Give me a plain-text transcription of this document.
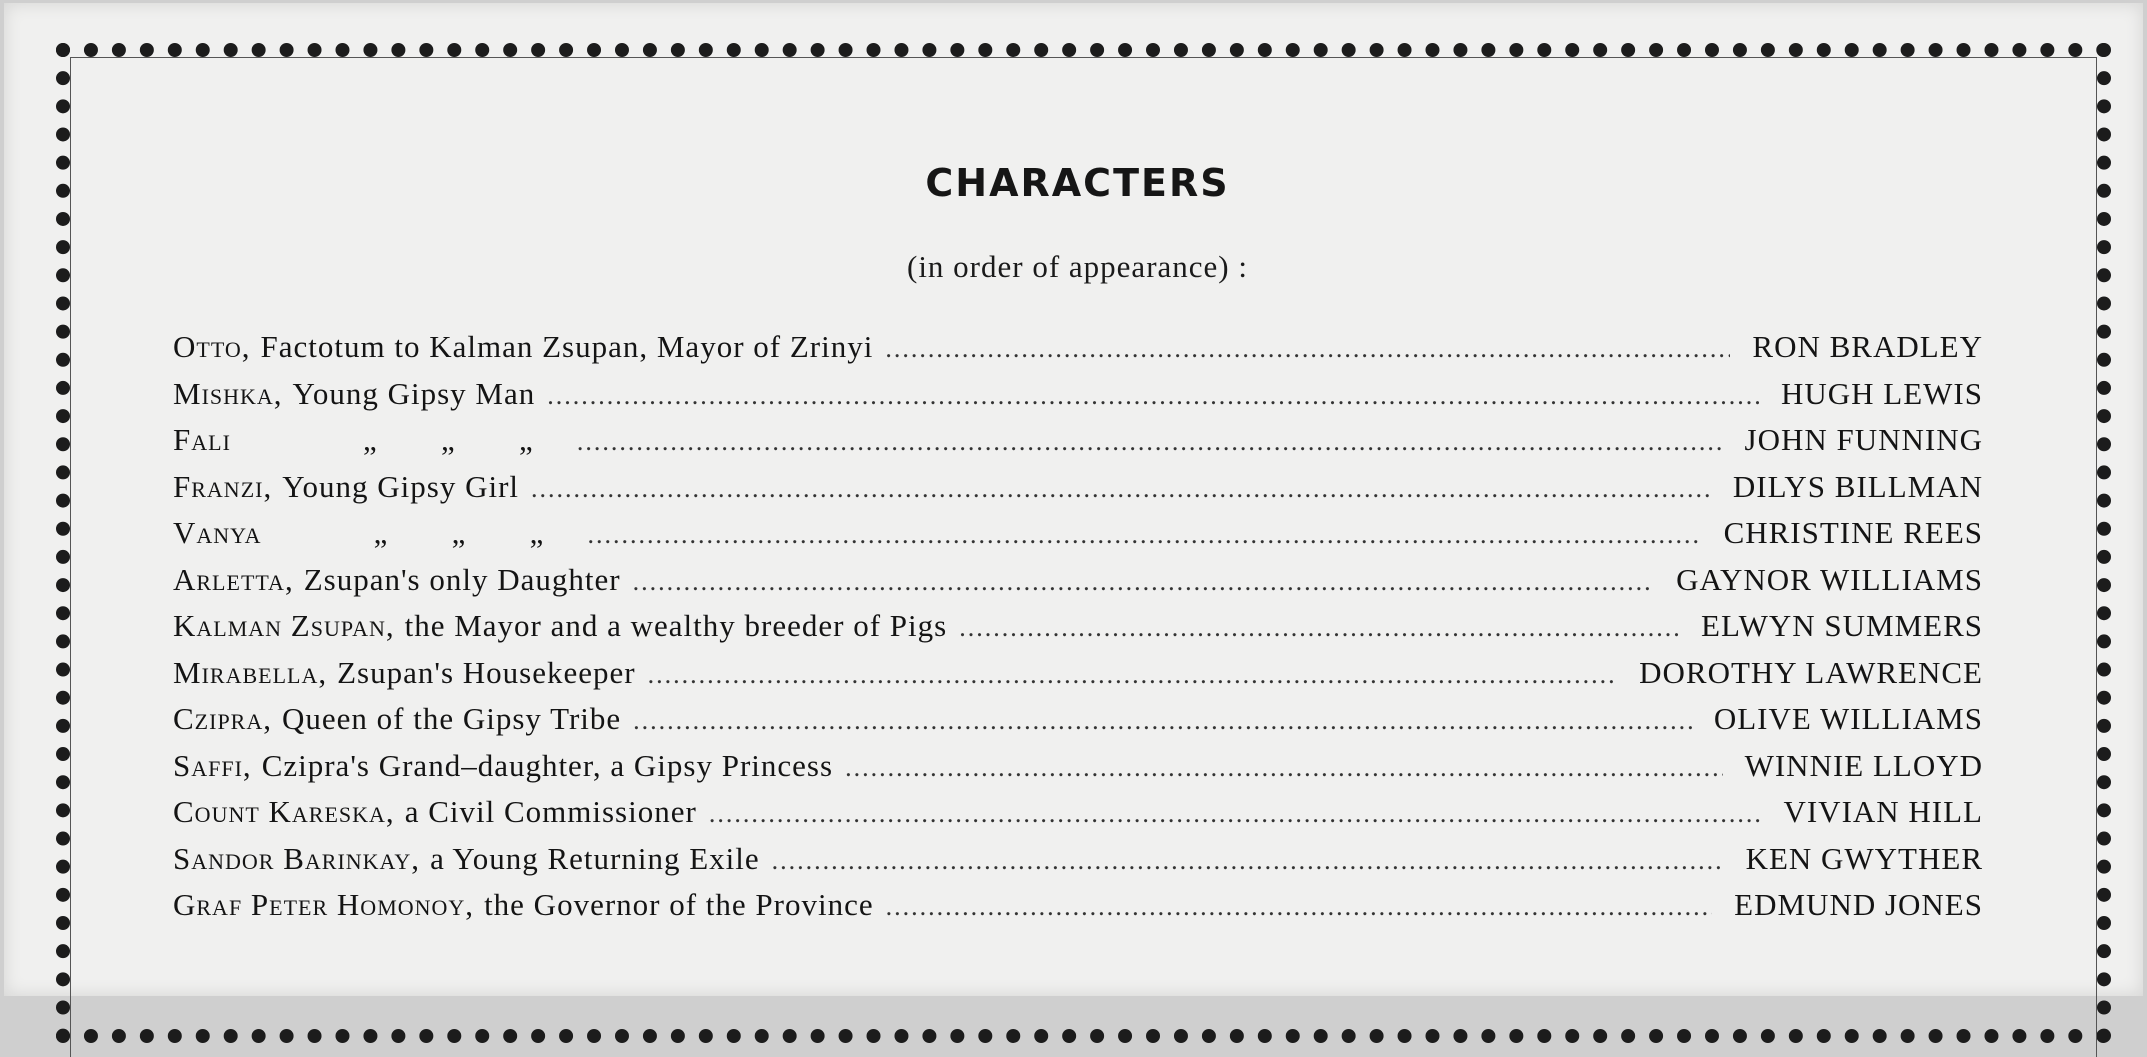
CHARACTERS
(in order of appearance) :
Otto, Factotum to Kalman Zsupan, Mayor of Zrinyi .....	RON BRADLEY
Mishka, Young Gipsy Man .....	HUGH LEWIS
Fali	„ „ „ .....	JOHN FUNNING
Franzi, Young Gipsy Girl .....	DILYS BILLMAN
Vanya	„ „ „ .....	CHRISTINE REES
Arletta, Zsupan's only Daughter .....	GAYNOR WILLIAMS
Kalman Zsupan, the Mayor and a wealthy breeder of Pigs .....	ELWYN SUMMERS
Mirabella, Zsupan's Housekeeper .....	DOROTHY LAWRENCE
Czipra, Queen of the Gipsy Tribe .....	OLIVE WILLIAMS
Saffi, Czipra's Grand–daughter, a Gipsy Princess .....	WINNIE LLOYD
Count Kareska, a Civil Commissioner .....	VIVIAN HILL
Sandor Barinkay, a Young Returning Exile .....	KEN GWYTHER
Graf Peter Homonoy, the Governor of the Province .....	EDMUND JONES
